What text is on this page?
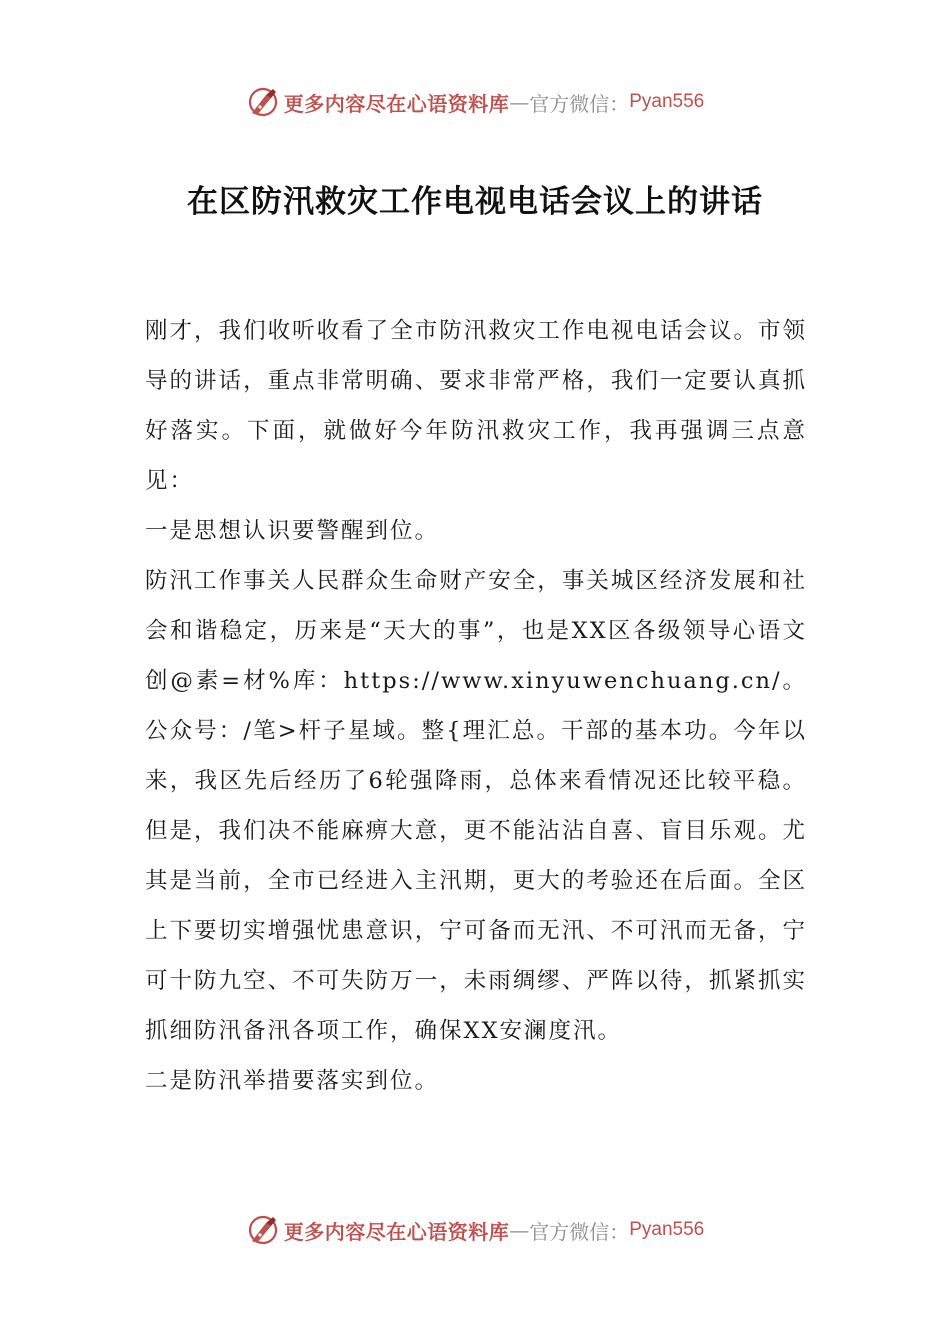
更多内容尽在心语资料库 — 官方微信： Pyan556
在区防汛救灾工作电视电话会议上的讲话

刚才，我们收听收看了全市防汛救灾工作电视电话会议。市领导的讲话，重点非常明确、要求非常严格，我们一定要认真抓好落实。下面，就做好今年防汛救灾工作，我再强调三点意见：

一是思想认识要警醒到位。

防汛工作事关人民群众生命财产安全，事关城区经济发展和社会和谐稳定，历来是“天大的事”，也是XX区各级领导心语文创@素=材%库：https://www.xinyuwenchuang.cn/。公众号：/笔>杆子星域。整{理汇总。干部的基本功。今年以来，我区先后经历了6轮强降雨，总体来看情况还比较平稳。但是，我们决不能麻痹大意，更不能沾沾自喜、盲目乐观。尤其是当前，全市已经进入主汛期，更大的考验还在后面。全区上下要切实增强忧患意识，宁可备而无汛、不可汛而无备，宁可十防九空、不可失防万一，未雨绸缪、严阵以待，抓紧抓实抓细防汛备汛各项工作，确保XX安澜度汛。

二是防汛举措要落实到位。

更多内容尽在心语资料库 — 官方微信： Pyan556
